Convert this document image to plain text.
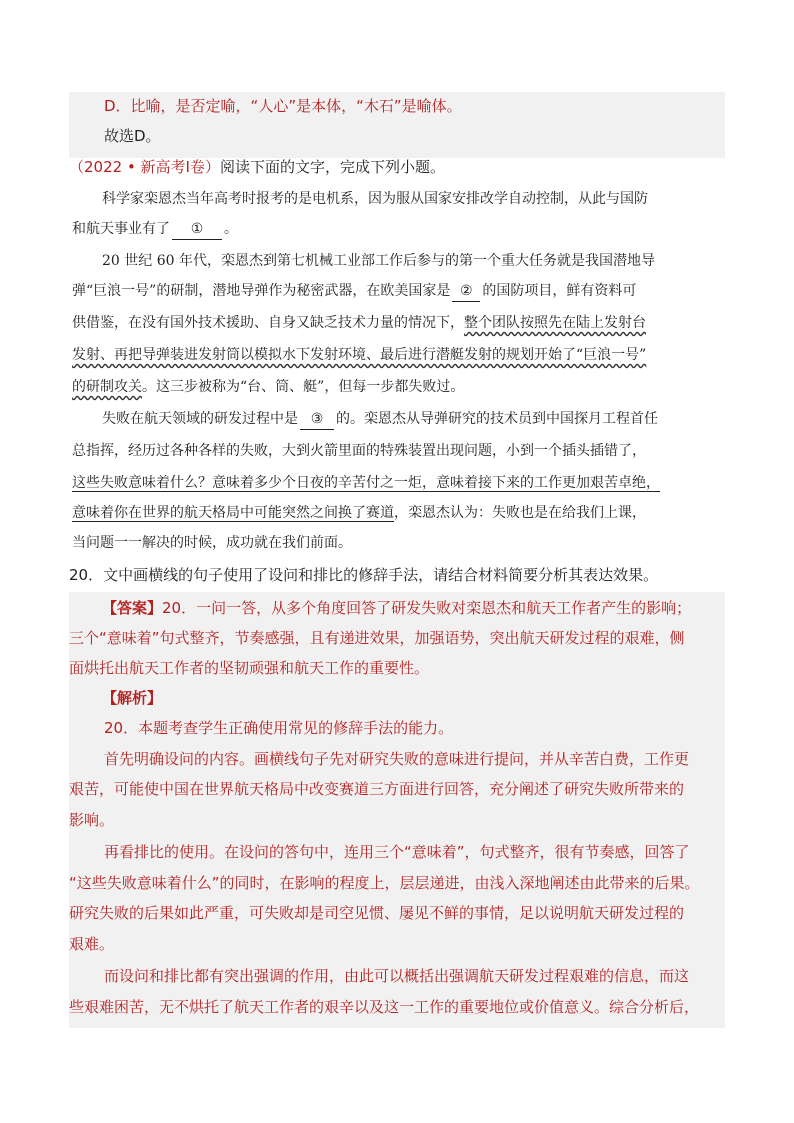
D．比喻，是否定喻，“人心”是本体，“木石”是喻体。
故选D。
（2022 • 新高考Ⅰ卷）阅读下面的文字，完成下列小题。
科学家栾恩杰当年高考时报考的是电机系，因为服从国家安排改学自动控制，从此与国防
和航天事业有了 ① 。
20 世纪 60 年代，栾恩杰到第七机械工业部工作后参与的第一个重大任务就是我国潜地导
弹“巨浪一号”的研制，潜地导弹作为秘密武器，在欧美国家是 ② 的国防项目，鲜有资料可
供借鉴，在没有国外技术援助、自身又缺乏技术力量的情况下，整个团队按照先在陆上发射台
发射、再把导弹装进发射筒以模拟水下发射环境、最后进行潜艇发射的规划开始了“巨浪一号”
的研制攻关。这三步被称为“台、筒、艇”，但每一步都失败过。
失败在航天领域的研发过程中是 ③ 的。栾恩杰从导弹研究的技术员到中国探月工程首任
总指挥，经历过各种各样的失败，大到火箭里面的特殊装置出现问题，小到一个插头插错了，
这些失败意味着什么？意味着多少个日夜的辛苦付之一炬，意味着接下来的工作更加艰苦卓绝，
意味着你在世界的航天格局中可能突然之间换了赛道，栾恩杰认为：失败也是在给我们上课，
当问题一一解决的时候，成功就在我们前面。
20．文中画横线的句子使用了设问和排比的修辞手法，请结合材料简要分析其表达效果。
【答案】20．一问一答，从多个角度回答了研发失败对栾恩杰和航天工作者产生的影响；
三个“意味着”句式整齐，节奏感强，且有递进效果，加强语势，突出航天研发过程的艰难，侧
面烘托出航天工作者的坚韧顽强和航天工作的重要性。
【解析】
20．本题考查学生正确使用常见的修辞手法的能力。
首先明确设问的内容。画横线句子先对研究失败的意味进行提问，并从辛苦白费，工作更
艰苦，可能使中国在世界航天格局中改变赛道三方面进行回答，充分阐述了研究失败所带来的
影响。
再看排比的使用。在设问的答句中，连用三个“意味着”，句式整齐，很有节奏感，回答了
“这些失败意味着什么”的同时，在影响的程度上，层层递进，由浅入深地阐述由此带来的后果。
研究失败的后果如此严重，可失败却是司空见惯、屡见不鲜的事情，足以说明航天研发过程的
艰难。
而设问和排比都有突出强调的作用，由此可以概括出强调航天研发过程艰难的信息，而这
些艰难困苦，无不烘托了航天工作者的艰辛以及这一工作的重要地位或价值意义。综合分析后，
